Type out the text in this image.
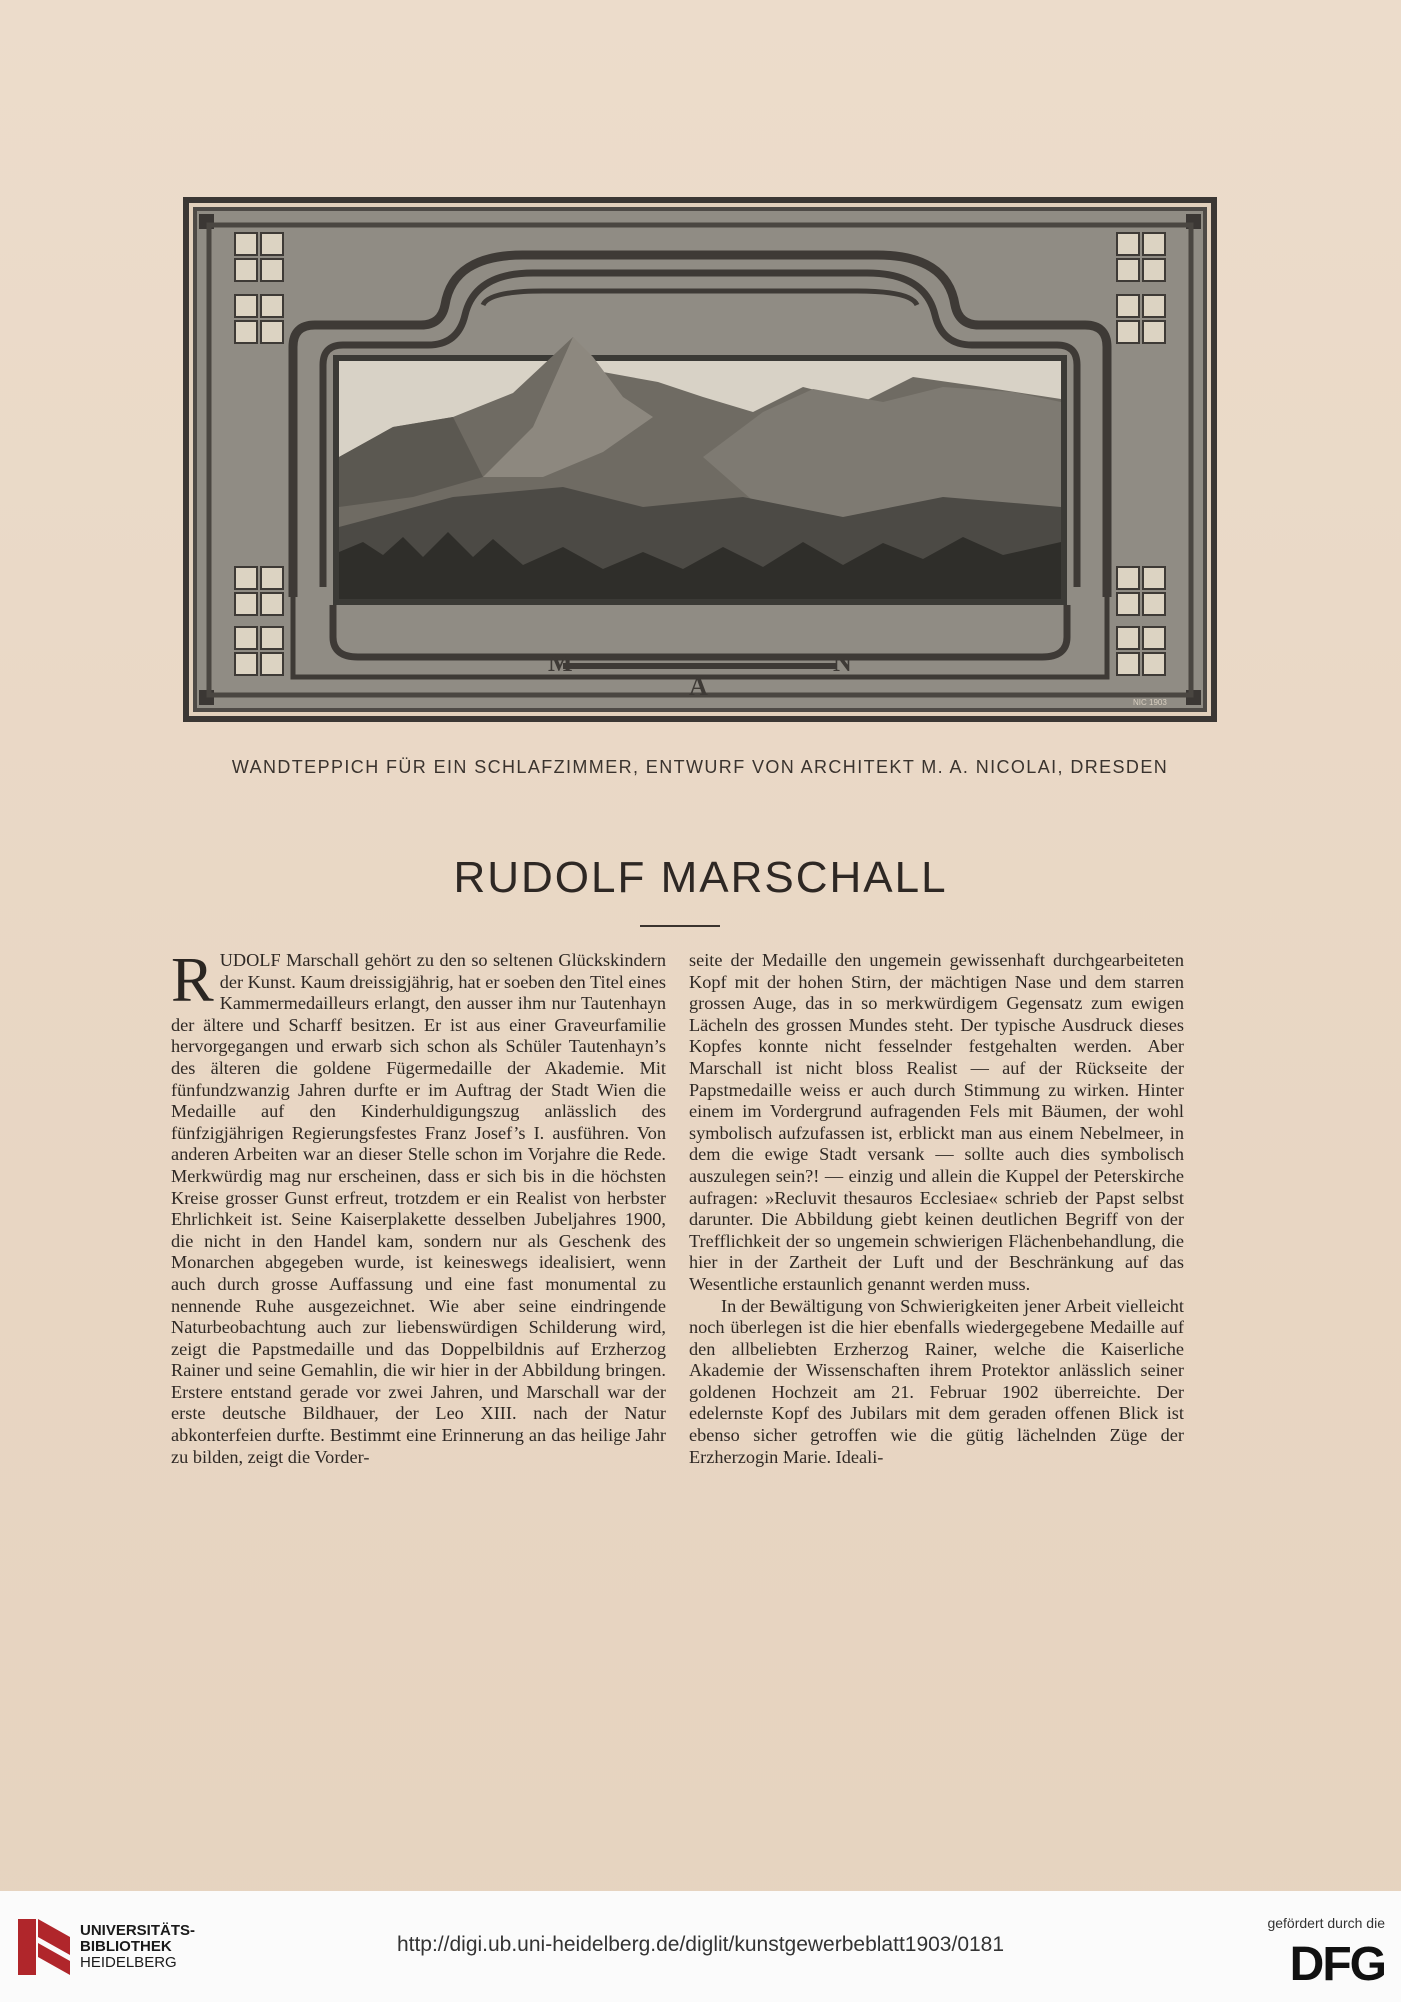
M
A
N
NIC 1903
WANDTEPPICH FÜR EIN SCHLAFZIMMER, ENTWURF VON ARCHITEKT M. A. NICOLAI, DRESDEN
RUDOLF MARSCHALL

RUDOLF Marschall gehört zu den so seltenen Glückskindern der Kunst. Kaum dreissigjährig, hat er soeben den Titel eines Kammermedailleurs erlangt, den ausser ihm nur Tautenhayn der ältere und Scharff besitzen. Er ist aus einer Graveurfamilie hervorgegangen und erwarb sich schon als Schüler Tautenhayn’s des älteren die goldene Fügermedaille der Akademie. Mit fünfundzwanzig Jahren durfte er im Auftrag der Stadt Wien die Medaille auf den Kinderhuldigungszug anlässlich des fünfzigjährigen Regierungsfestes Franz Josef’s I. ausführen. Von anderen Arbeiten war an dieser Stelle schon im Vorjahre die Rede. Merkwürdig mag nur erscheinen, dass er sich bis in die höchsten Kreise grosser Gunst erfreut, trotzdem er ein Realist von herbster Ehrlichkeit ist. Seine Kaiserplakette desselben Jubeljahres 1900, die nicht in den Handel kam, sondern nur als Geschenk des Monarchen abgegeben wurde, ist keineswegs idealisiert, wenn auch durch grosse Auffassung und eine fast monumental zu nennende Ruhe ausgezeichnet. Wie aber seine eindringende Naturbeobachtung auch zur liebenswürdigen Schilderung wird, zeigt die Papstmedaille und das Doppelbildnis auf Erzherzog Rainer und seine Gemahlin, die wir hier in der Abbildung bringen. Erstere entstand gerade vor zwei Jahren, und Marschall war der erste deutsche Bildhauer, der Leo XIII. nach der Natur abkonterfeien durfte. Bestimmt eine Erinnerung an das heilige Jahr zu bilden, zeigt die Vorder-

seite der Medaille den ungemein gewissenhaft durchgearbeiteten Kopf mit der hohen Stirn, der mächtigen Nase und dem starren grossen Auge, das in so merkwürdigem Gegensatz zum ewigen Lächeln des grossen Mundes steht. Der typische Ausdruck dieses Kopfes konnte nicht fesselnder festgehalten werden. Aber Marschall ist nicht bloss Realist — auf der Rückseite der Papstmedaille weiss er auch durch Stimmung zu wirken. Hinter einem im Vordergrund aufragenden Fels mit Bäumen, der wohl symbolisch aufzufassen ist, erblickt man aus einem Nebelmeer, in dem die ewige Stadt versank — sollte auch dies symbolisch auszulegen sein?! — einzig und allein die Kuppel der Peterskirche aufragen: »Recluvit thesauros Ecclesiae« schrieb der Papst selbst darunter. Die Abbildung giebt keinen deutlichen Begriff von der Trefflichkeit der so ungemein schwierigen Flächenbehandlung, die hier in der Zartheit der Luft und der Beschränkung auf das Wesentliche erstaunlich genannt werden muss.

In der Bewältigung von Schwierigkeiten jener Arbeit vielleicht noch überlegen ist die hier ebenfalls wiedergegebene Medaille auf den allbeliebten Erzherzog Rainer, welche die Kaiserliche Akademie der Wissenschaften ihrem Protektor anlässlich seiner goldenen Hochzeit am 21. Februar 1902 überreichte. Der edelernste Kopf des Jubilars mit dem geraden offenen Blick ist ebenso sicher getroffen wie die gütig lächelnden Züge der Erzherzogin Marie. Ideali-

UNIVERSITÄTS-
BIBLIOTHEK
HEIDELBERG
http://digi.ub.uni-heidelberg.de/diglit/kunstgewerbeblatt1903/0181
gefördert durch die
DFG
